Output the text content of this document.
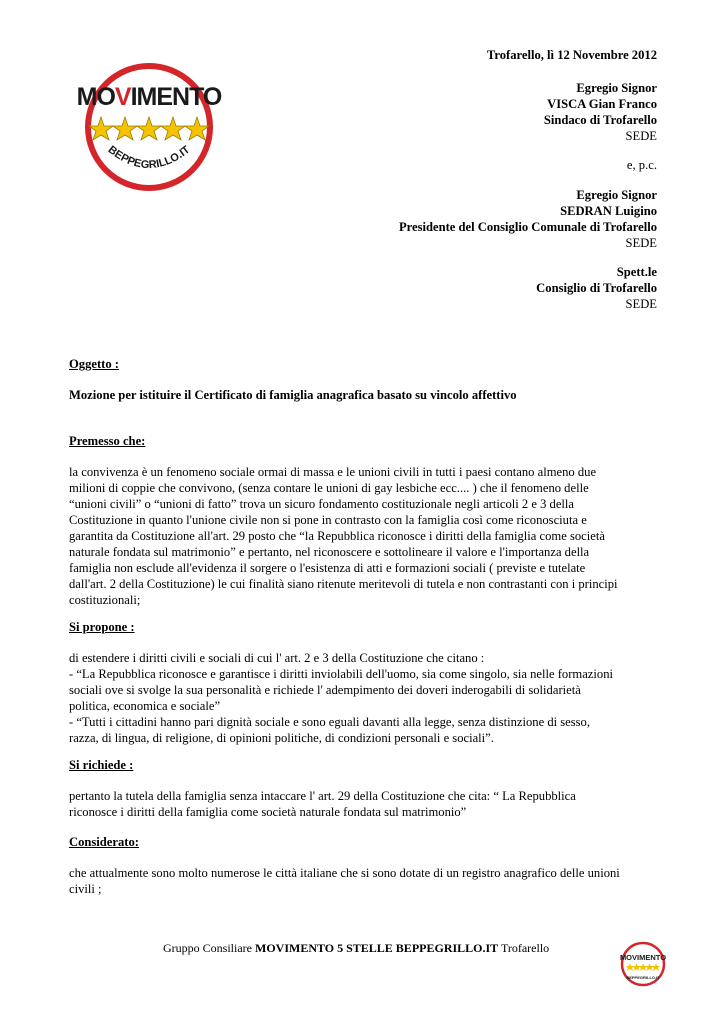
MOVIMENTO
BEPPEGRILLO.IT
Trofarello, lì 12 Novembre 2012
Egregio Signor
VISCA Gian Franco
Sindaco di Trofarello
SEDE
e, p.c.
Egregio Signor
SEDRAN Luigino
Presidente del Consiglio Comunale di Trofarello
SEDE
Spett.le
Consiglio di Trofarello
SEDE

Oggetto :

Mozione per istituire il Certificato di famiglia anagrafica basato su vincolo affettivo

Premesso che:

la convivenza è un fenomeno sociale ormai di massa e le unioni civili in tutti i paesi contano almeno due

milioni di coppie che convivono, (senza contare le unioni di gay lesbiche ecc.... ) che il fenomeno delle

“unioni civili” o “unioni di fatto” trova un sicuro fondamento costituzionale negli articoli 2 e 3 della

Costituzione in quanto l'unione civile non si pone in contrasto con la famiglia così come riconosciuta e

garantita da Costituzione all'art. 29 posto che “la Repubblica riconosce i diritti della famiglia come società

naturale fondata sul matrimonio” e pertanto, nel riconoscere e sottolineare il valore e l'importanza della

famiglia non esclude all'evidenza il sorgere o l'esistenza di atti e formazioni sociali ( previste e tutelate

dall'art. 2 della Costituzione) le cui finalità siano ritenute meritevoli di tutela e non contrastanti con i principi

costituzionali;

Si propone :

di estendere i diritti civili e sociali di cui l' art. 2 e 3 della Costituzione che citano :

- “La Repubblica riconosce e garantisce i diritti inviolabili dell'uomo, sia come singolo, sia nelle formazioni

sociali ove si svolge la sua personalità e richiede l' adempimento dei doveri inderogabili di solidarietà

politica, economica e sociale”

- “Tutti i cittadini hanno pari dignità sociale e sono eguali davanti alla legge, senza distinzione di sesso,

razza, di lingua, di religione, di opinioni politiche, di condizioni personali e sociali”.

Si richiede :

pertanto la tutela della famiglia senza intaccare l' art. 29 della Costituzione che cita: “ La Repubblica

riconosce i diritti della famiglia come società naturale fondata sul matrimonio”

Considerato:

che attualmente sono molto numerose le città italiane che si sono dotate di un registro anagrafico delle unioni

civili ;

Gruppo Consiliare MOVIMENTO 5 STELLE BEPPEGRILLO.IT Trofarello
MOVIMENTO
BEPPEGRILLO.IT
